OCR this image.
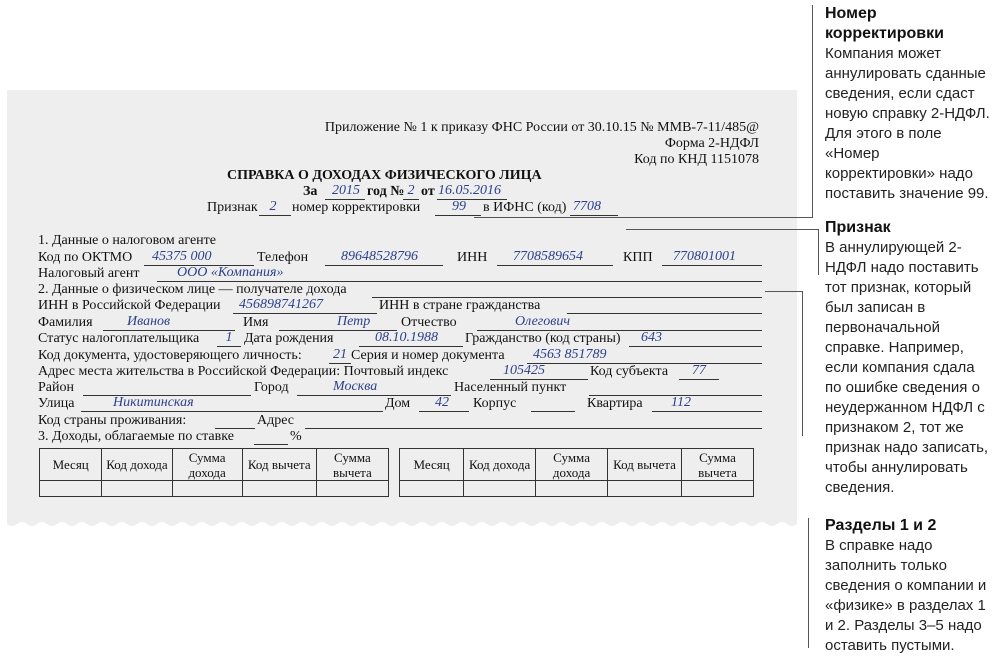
Приложение № 1 к приказу ФНС России от 30.10.15 № ММВ-7-11/485@
Форма 2-НДФЛ
Код по КНД 1151078
СПРАВКА О ДОХОДАХ ФИЗИЧЕСКОГО ЛИЦА
За	2015 год № 2 от 16.05.2016
Признак 2	номер корректировки	99	в ИФНС (код) 7708
1. Данные о налоговом агенте
Код по ОКТМО 45375 000	Телефон 89648528796	ИНН 7708589654	КПП 770801001
Налоговый агент	ООО «Компания»
2. Данные о физическом лице — получателе дохода
ИНН в Российской Федерации 456898741267	ИНН в стране гражданства
Фамилия Иванов	Имя	Петр Отчество	Олегович
Статус налогоплательщика	1 Дата рождения	08.10.1988 Гражданство (код страны) 643
Код документа, удостоверяющего личность: 21 Серия и номер документа 4563 851789
Адрес места жительства в Российской Федерации: Почтовый индекс	105425	Код субъекта 77
Район	Город	Москва	Населенный пункт
Улица	Никитинская	Дом 42 Корпус	Квартира 112
Код страны проживания:	Адрес
3. Доходы, облагаемые по ставке	%
Месяц	Код дохода	Сумма дохода	Код вычета	Сумма вычета
					Месяц	Код дохода	Сумма дохода	Код вычета	Сумма вычета

Номер корректировки

Компания может аннулировать сданные сведения, если сдаст новую справку 2-НДФЛ. Для этого в поле «Номер корректировки» надо поставить значение 99.

Признак

В аннулирующей 2-НДФЛ надо поставить тот признак, который был записан в первоначальной справке. Например, если компания сдала по ошибке сведения о неудержанном НДФЛ с признаком 2, тот же признак надо записать, чтобы аннулировать сведения.

Разделы 1 и 2

В справке надо заполнить только сведения о компании и «физике» в разделах 1 и 2. Разделы 3–5 надо оставить пустыми.
